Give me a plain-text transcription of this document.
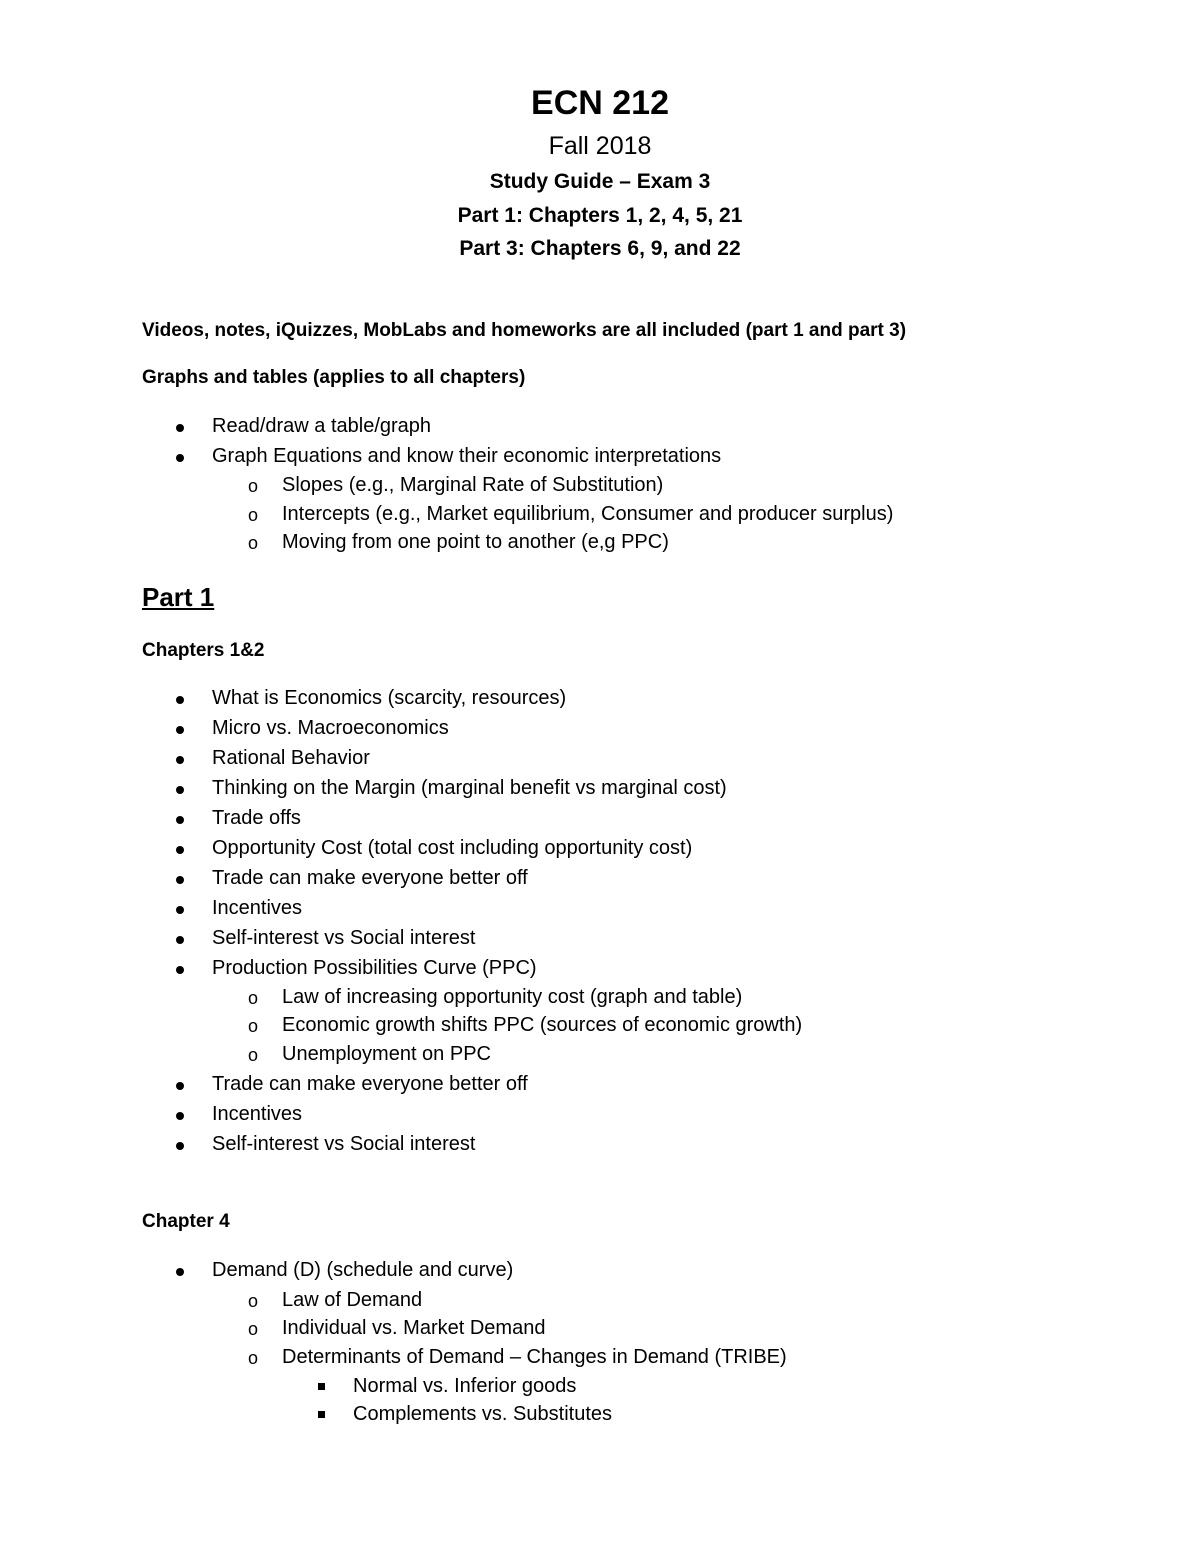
ECN 212
Fall 2018
Study Guide – Exam 3
Part 1: Chapters 1, 2, 4, 5, 21
Part 3: Chapters 6, 9, and 22
Videos, notes, iQuizzes, MobLabs and homeworks are all included (part 1 and part 3)
Graphs and tables (applies to all chapters)
Read/draw a table/graph
Graph Equations and know their economic interpretations
o Slopes (e.g., Marginal Rate of Substitution)
o Intercepts (e.g., Market equilibrium, Consumer and producer surplus)
o Moving from one point to another (e,g PPC)
Part 1
Chapters 1&2
What is Economics (scarcity, resources)
Micro vs. Macroeconomics
Rational Behavior
Thinking on the Margin (marginal benefit vs marginal cost)
Trade offs
Opportunity Cost (total cost including opportunity cost)
Trade can make everyone better off
Incentives
Self-interest vs Social interest
Production Possibilities Curve (PPC)
o Law of increasing opportunity cost (graph and table)
o Economic growth shifts PPC (sources of economic growth)
o Unemployment on PPC
Trade can make everyone better off
Incentives
Self-interest vs Social interest
Chapter 4
Demand (D) (schedule and curve)
o Law of Demand
o Individual vs. Market Demand
o Determinants of Demand – Changes in Demand (TRIBE)
Normal vs. Inferior goods
Complements vs. Substitutes
